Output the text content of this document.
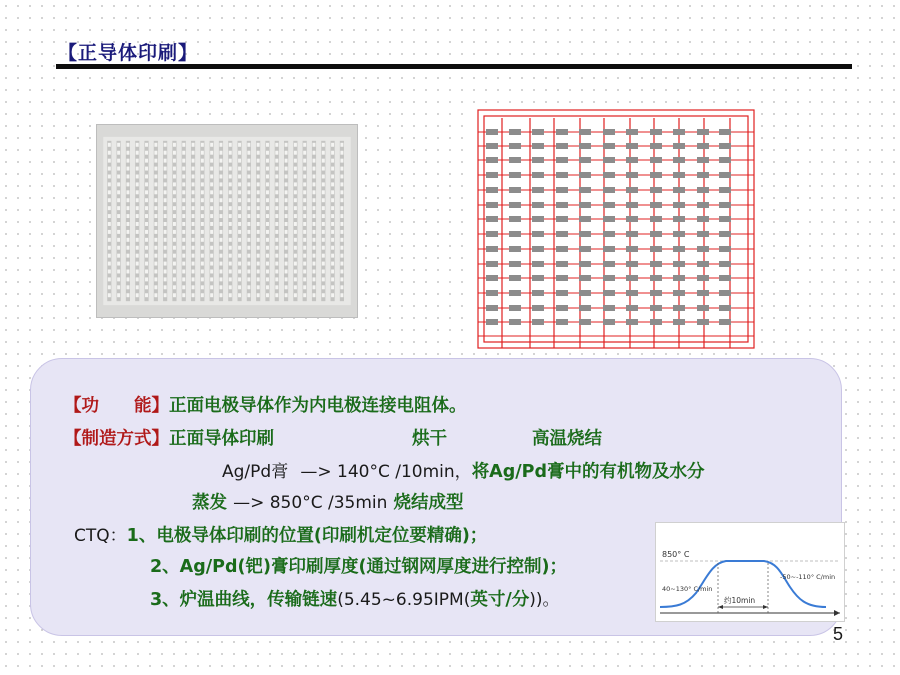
【正导体印刷】
【功　　能】正面电极导体作为内电极连接电阻体。
【制造方式】正面导体印刷	烘干	高温烧结
Ag/Pd膏 —> 140°C /10min，将Ag/Pd膏中的有机物及水分
蒸发 —> 850°C /35min 烧结成型
CTQ：1、电极导体印刷的位置(印刷机定位要精确)；
2、Ag/Pd(钯)膏印刷厚度(通过钢网厚度进行控制)；
3、炉温曲线，传输链速(5.45~6.95IPM(英寸/分))。
850° C
40~130° C/min
-50~-110° C/min
约10min
5
